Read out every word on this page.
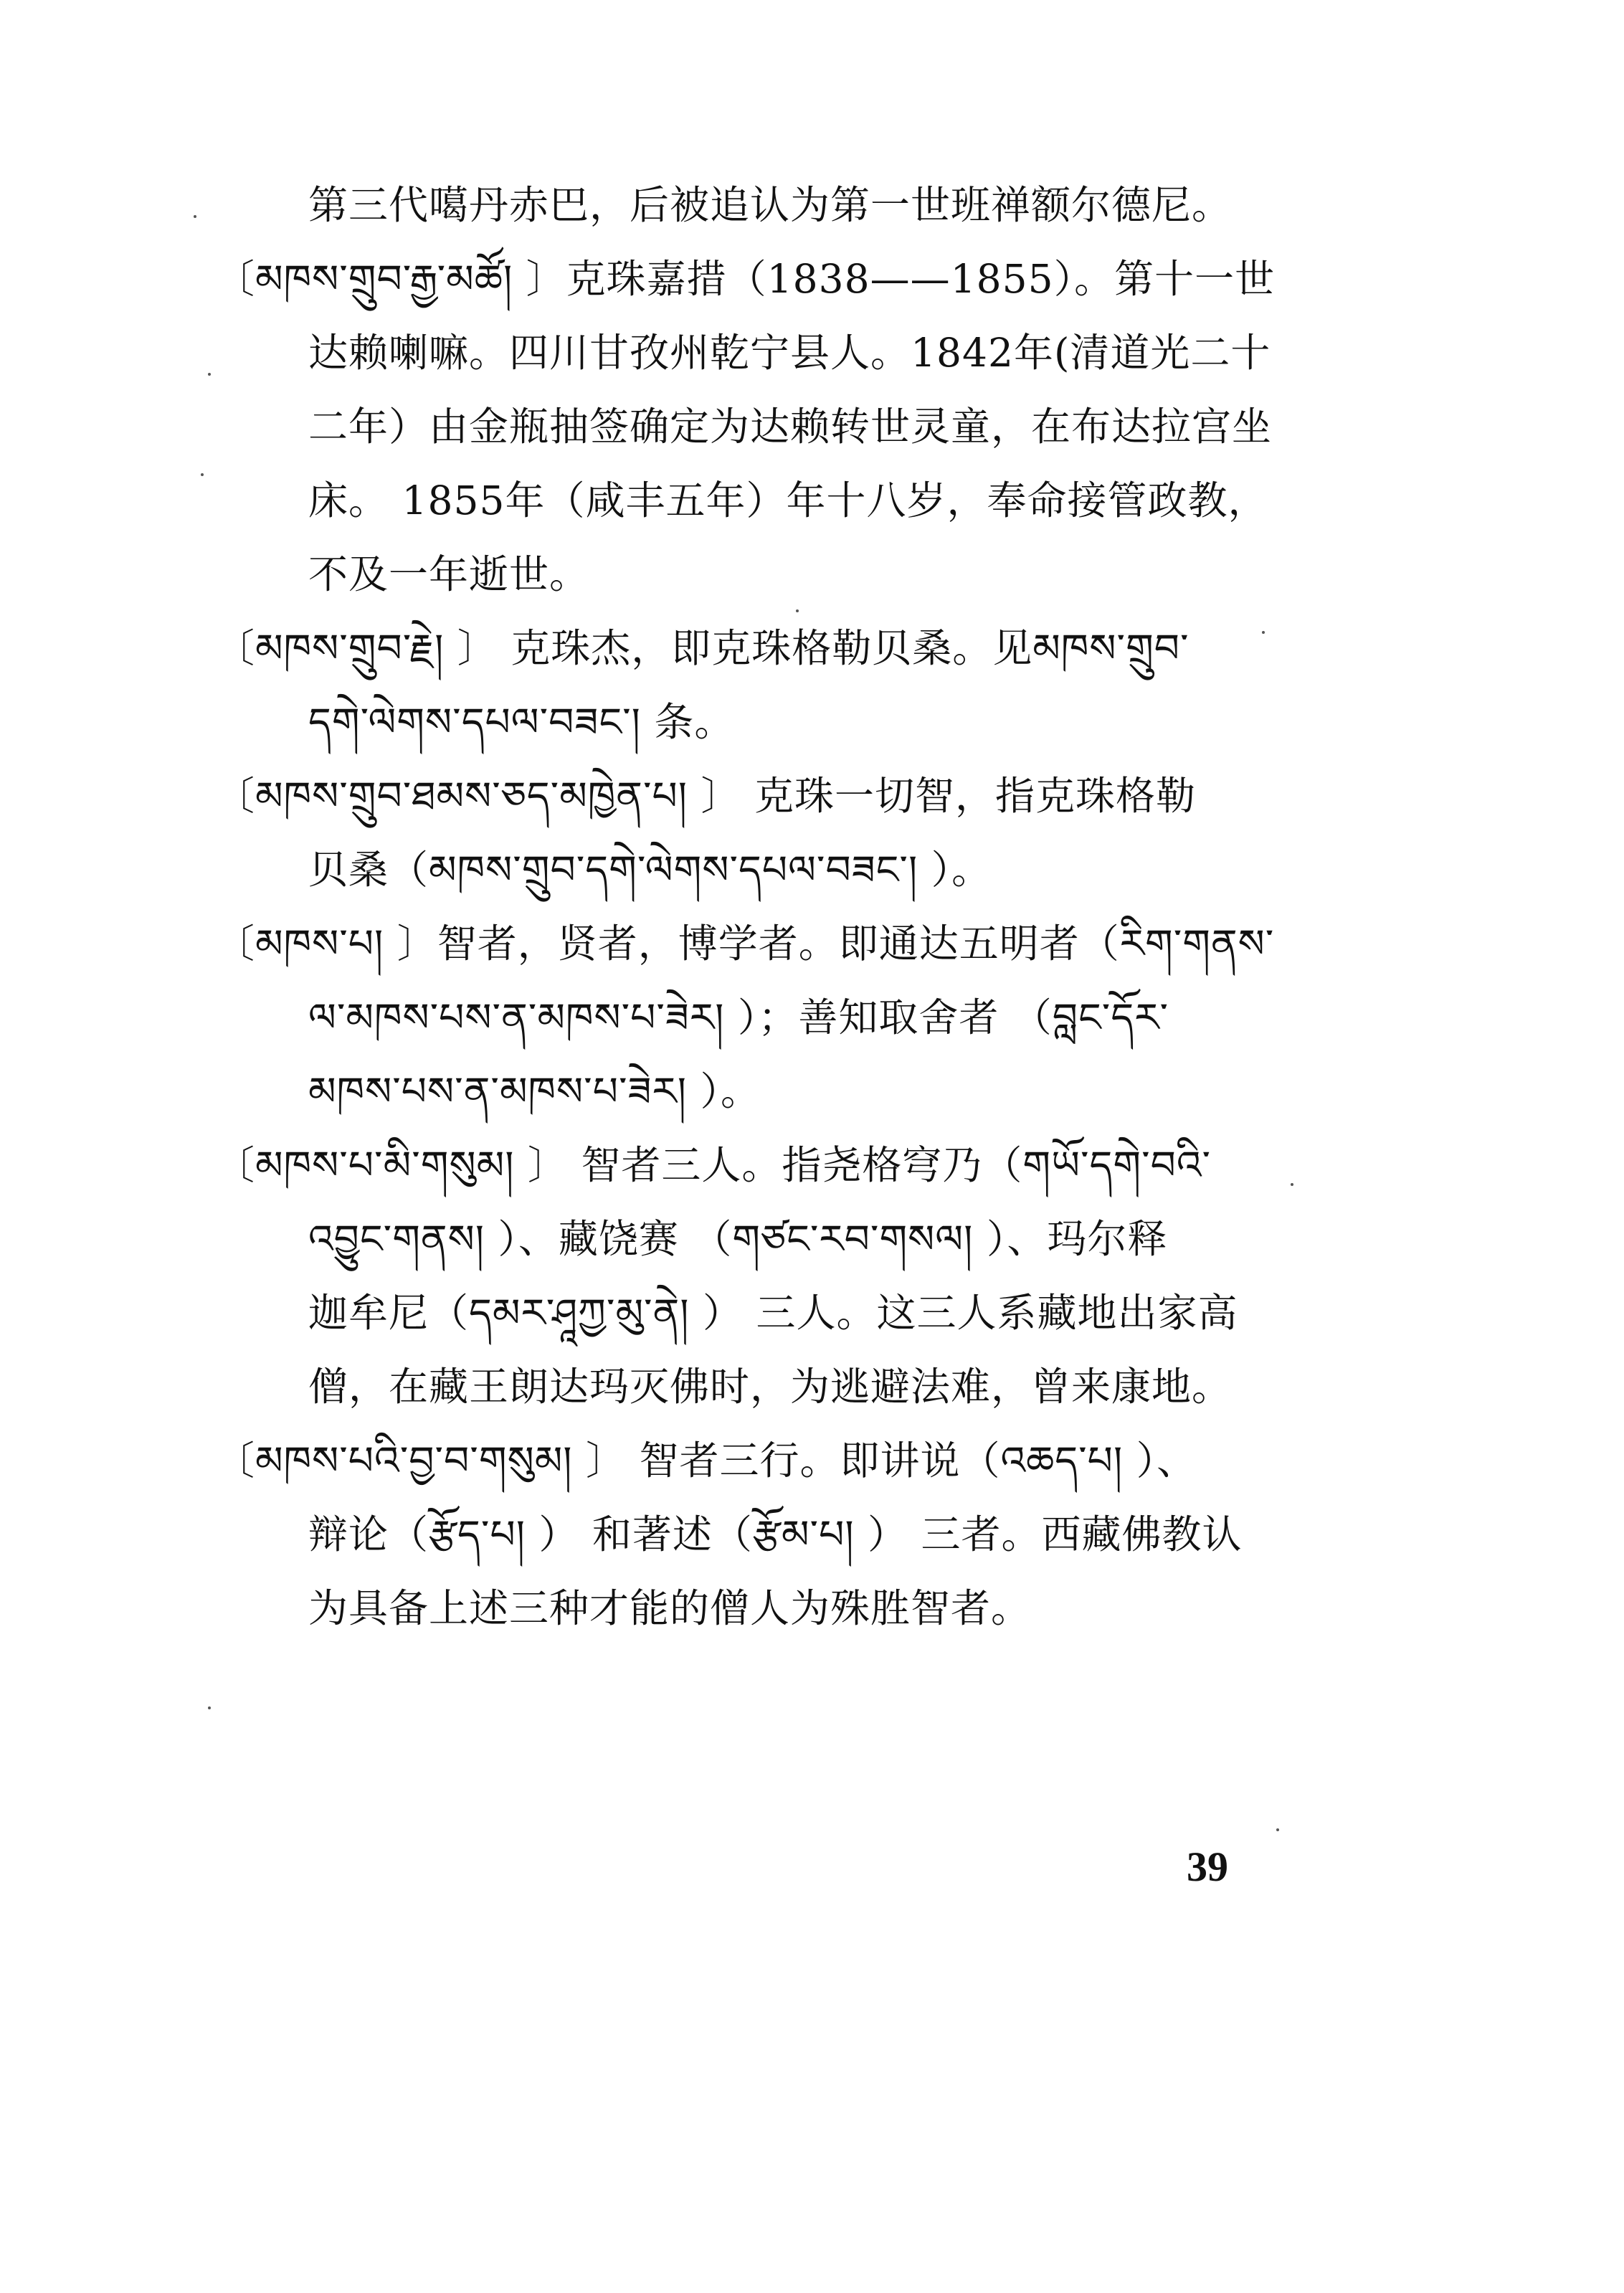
第三代噶丹赤巴，后被追认为第一世班禅额尔德尼。
〔མཁས་གྲུབ་རྒྱ་མཚོ། 〕克珠嘉措（1838——1855）。第十一世
达赖喇嘛。四川甘孜州乾宁县人。1842年(清道光二十
二年）由金瓶抽签确定为达赖转世灵童，在布达拉宫坐
床。 1855年（咸丰五年）年十八岁，奉命接管政教，
不及一年逝世。
〔མཁས་གྲུབ་རྗེ། 〕 克珠杰，即克珠格勒贝桑。见མཁས་གྲུབ་
དགེ་ལེགས་དཔལ་བཟང་། 条。
〔མཁས་གྲུབ་ཐམས་ཅད་མཁྱེན་པ། 〕 克珠一切智，指克珠格勒
贝桑（མཁས་གྲུབ་དགེ་ལེགས་དཔལ་བཟང་། ）。
〔མཁས་པ། 〕智者，贤者，博学者。即通达五明者（རིག་གནས་
ལ་མཁས་པས་ན་མཁས་པ་ཟེར། ）；善知取舍者 （བླང་དོར་
མཁས་པས་ན་མཁས་པ་ཟེར། ）。
〔མཁས་པ་མི་གསུམ། 〕 智者三人。指尧格穹乃（གཡོ་དགེ་བའི་
འབྱུང་གནས། ）、藏饶赛 （གཙང་རབ་གསལ། ）、玛尔释
迦牟尼（དམར་ཤཱཀྱ་མུ་ནེ། ） 三人。这三人系藏地出家高
僧，在藏王朗达玛灭佛时，为逃避法难，曾来康地。
〔མཁས་པའི་བྱ་བ་གསུམ། 〕 智者三行。即讲说（འཆད་པ། ）、
辩论（རྩོད་པ། ） 和著述（རྩོམ་པ། ） 三者。西藏佛教认
为具备上述三种才能的僧人为殊胜智者。
39
